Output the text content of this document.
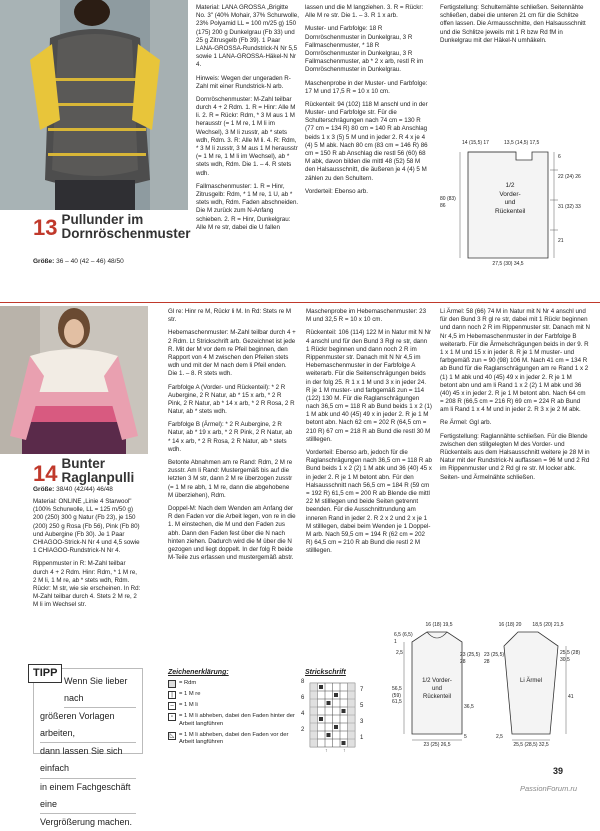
13 Pullunder im
Dornröschenmuster
Größe: 36 – 40 (42 – 46) 48/50

Material: LANA GROSSA „Brigitte No. 3" (40% Mohair, 37% Schurwolle, 23% Polyamid LL = 100 m/25 g) 150 (175) 200 g Dunkelgrau (Fb 33) und 25 g Zitrusgelb (Fb 39). 1 Paar LANA-GROSSA-Rundstrick-N Nr 5,5 sowie 1 LANA-GROSSA-Häkel-N Nr 4.

Hinweis: Wegen der ungeraden R-Zahl mit einer Rundstrick-N arb.

Dornröschenmuster: M-Zahl teilbar durch 4 + 2 Rdm. 1. R = Hinr: Alle M li. 2. R = Rückr: Rdm, * 3 M aus 1 M herausstr (= 1 M re, 1 M li im Wechsel), 3 M li zusstr, ab * stets wdh, Rdm. 3. R: Alle M li. 4. R: Rdm, * 3 M li zusstr, 3 M aus 1 M herausstr (= 1 M re, 1 M li im Wechsel), ab * stets wdh, Rdm. Die 1. – 4. R stets wdh.

Fallmaschenmuster: 1. R = Hinr, Zitrusgelb: Rdm, * 1 M re, 1 U, ab * stets wdh, Rdm. Faden abschneiden. Die M zurück zum N-Anfang schieben. 2. R = Hinr, Dunkelgrau: Alle M re str, dabei die U fallen

lassen und die M langziehen. 3. R = Rückr: Alle M re str. Die 1. – 3. R 1 x arb.

Muster- und Farbfolge: 18 R Dornröschenmuster in Dunkelgrau, 3 R Fallmaschenmuster, * 18 R Dornröschenmuster in Dunkelgrau, 3 R Fallmaschenmuster, ab * 2 x arb, restl R im Dornröschenmuster in Dunkelgrau.

Maschenprobe in der Muster- und Farbfolge: 17 M und 17,5 R = 10 x 10 cm.

Rückenteil: 94 (102) 118 M anschl und in der Muster- und Farbfolge str. Für die Schulterschrägungen nach 74 cm = 130 R (77 cm = 134 R) 80 cm = 140 R ab Anschlag beids 1 x 3 (5) 5 M und in jeder 2. R 4 x je 4 (4) 5 M abk. Nach 80 cm (83 cm = 146 R) 86 cm = 150 R ab Anschlag die restl 56 (60) 68 M abk, davon bilden die mittl 48 (52) 58 M den Halsausschnitt, die äußeren je 4 (4) 5 M zählen zu den Schultern.

Vorderteil: Ebenso arb.

Fertigstellung: Schulternähte schließen. Seitennähte schließen, dabei die unteren 21 cm für die Schlitze offen lassen. Die Armausschnitte, den Halsausschnitt und die Schlitze jeweils mit 1 R bzw Rd fM in Dunkelgrau mit der Häkel-N umhäkeln.

1/2 Vorder- und Rückenteil
14 (15,5) 17	13,5 (14,5) 17,5
6
22 (24) 26
31 (32) 33
21
80 (83) 86
27,5 (30) 34,5
14 Bunter Raglanpulli
Größe: 38/40 (42/44) 46/48

Material: ONLINE „Linie 4 Starwool" (100% Schurwolle, LL = 125 m/50 g) 200 (250) 300 g Natur (Fb 23), je 150 (200) 250 g Rosa (Fb 56), Pink (Fb 80) und Aubergine (Fb 30). Je 1 Paar CHIAGOO-Strick-N Nr 4 und 4,5 sowie 1 CHIAGOO-Rundstrick-N Nr 4.

Rippenmuster in R: M-Zahl teilbar durch 4 + 2 Rdm. Hinr: Rdm, * 1 M re, 2 M li, 1 M re, ab * stets wdh, Rdm. Rückr: M str, wie sie erscheinen. In Rd: M-Zahl teilbar durch 4. Stets 2 M re, 2 M li im Wechsel str.

Wenn Sie lieber nach
größeren Vorlagen arbeiten,
dann lassen Sie sich einfach
in einem Fachgeschäft eine
Vergrößerung machen.
TIPP

Gl re: Hinr re M, Rückr li M. In Rd: Stets re M str.

Hebemaschenmuster: M-Zahl teilbar durch 4 + 2 Rdm. Lt Strickschrift arb. Gezeichnet ist jede R. Mit der M vor dem re Pfeil beginnen, den Rapport von 4 M zwischen den Pfeilen stets wdh und mit der M nach dem li Pfeil enden. Die 1. – 8. R stets wdh.

Farbfolge A (Vorder- und Rückenteil): * 2 R Aubergine, 2 R Natur, ab * 15 x arb, * 2 R Pink, 2 R Natur, ab * 14 x arb, * 2 R Rosa, 2 R Natur, ab * stets wdh.

Farbfolge B (Ärmel): * 2 R Aubergine, 2 R Natur, ab * 19 x arb, * 2 R Pink, 2 R Natur, ab * 14 x arb, * 2 R Rosa, 2 R Natur, ab * stets wdh.

Betonte Abnahmen am re Rand: Rdm, 2 M re zusstr. Am li Rand: Mustergemäß bis auf die letzten 3 M str, dann 2 M re überzogen zusstr (= 1 M re abh, 1 M re, dann die abgehobene M überziehen), Rdm.

Doppel-M: Nach dem Wenden am Anfang der R den Faden vor die Arbeit legen, von re in die 1. M einstechen, die M und den Faden zus abh. Dann den Faden fest über die N nach hinten ziehen. Dadurch wird die M über die N gezogen und liegt doppelt. In der folg R beide M-Teile zus erfassen und mustergemäß abstr.

Maschenprobe im Hebemaschenmuster: 23 M und 32,5 R = 10 x 10 cm.

Rückenteil: 106 (114) 122 M in Natur mit N Nr 4 anschl und für den Bund 3 Rgl re str, dann 1 Rückr beginnen und dann noch 2 R im Rippenmuster str. Danach mit N Nr 4,5 im Hebemaschenmuster in der Farbfolge A weiterarb. Für die Seitenschrägungen beids in der folg 25. R 1 x 1 M und 3 x in jeder 24. R je 1 M muster- und farbgemäß zun = 114 (122) 130 M. Für die Raglanschrägungen nach 36,5 cm = 118 R ab Bund beids 1 x 2 (1) 1 M abk und 40 (45) 49 x in jeder 2. R je 1 M betont abn. Nach 62 cm = 202 R (64,5 cm = 210 R) 67 cm = 218 R ab Bund die restl 30 M stilllegen.

Vorderteil: Ebenso arb, jedoch für die Raglanschrägungen nach 36,5 cm = 118 R ab Bund beids 1 x 2 (2) 1 M abk und 36 (40) 45 x in jeder 2. R je 1 M betont abn. Für den Halsausschnitt nach 56,5 cm = 184 R (59 cm = 192 R) 61,5 cm = 200 R ab Blende die mittl 22 M stilllegen und beide Seiten getrennt beenden. Für die Ausschnittrundung am inneren Rand in jeder 2. R 2 x 2 und 2 x je 1 M stilllegen, dabei beim Wenden je 1 Doppel-M arb. Nach 59,5 cm = 194 R (62 cm = 202 R) 64,5 cm = 210 R ab Bund die restl 2 M stilllegen.

Li Ärmel: 58 (66) 74 M in Natur mit N Nr 4 anschl und für den Bund 3 R gl re str, dabei mit 1 Rückr beginnen und dann noch 2 R im Rippenmuster str. Danach mit N Nr 4,5 im Hebemaschenmuster in der Farbfolge B weiterarb. Für die Ärmelschrägungen beids in der 9. R 1 x 1 M und 15 x in jeder 8. R je 1 M muster- und farbgemäß zun = 90 (98) 106 M. Nach 41 cm = 134 R ab Bund für die Raglanschrägungen am re Rand 1 x 2 (1) 1 M abk und 40 (45) 49 x in jeder 2. R je 1 M betont abn und am li Rand 1 x 2 (2) 1 M abk und 36 (40) 45 x in jeder 2. R je 1 M betont abn. Nach 64 cm = 208 R (66,5 cm = 216 R) 69 cm = 224 R ab Bund am li Rand 1 x 4 M und in jeder 2. R 3 x je 2 M abk.

Re Ärmel: Ggl arb.

Fertigstellung: Raglannähte schließen. Für die Blende zwischen den stillgelegten M des Vorder- und Rückenteils aus dem Halsausschnitt weitere je 28 M in Natur mit der Rundstrick-N auffassen = 96 M und 2 Rd im Rippenmuster und 2 Rd gl re str. M locker abk. Seiten- und Ärmelnähte schließen.

Zeichenerklärung:
= Rdm
|	= 1 M re
– = 1 M li
▫	= 1 M li abheben, dabei den Faden hinter der Arbeit langführen
◺ = 1 M li abheben, dabei den Faden vor der Arbeit langführen
Strickschrift
↑	↑
7
5
3
1
8
6
4
2
1/2 Vorder- und Rückenteil
16 (18) 19,5
6,5 (6,5) 1
23 (25,5) 28
36,5
56,5 (59) 61,5
2,5
23 (25) 26,5
5
Li Ärmel
16 (18) 20	18,5 (20) 21,5
25,5 (28) 30,5
23 (25,5) 28
41
25,5 (28,5) 32,5
2,5
39
PassionForum.ru
